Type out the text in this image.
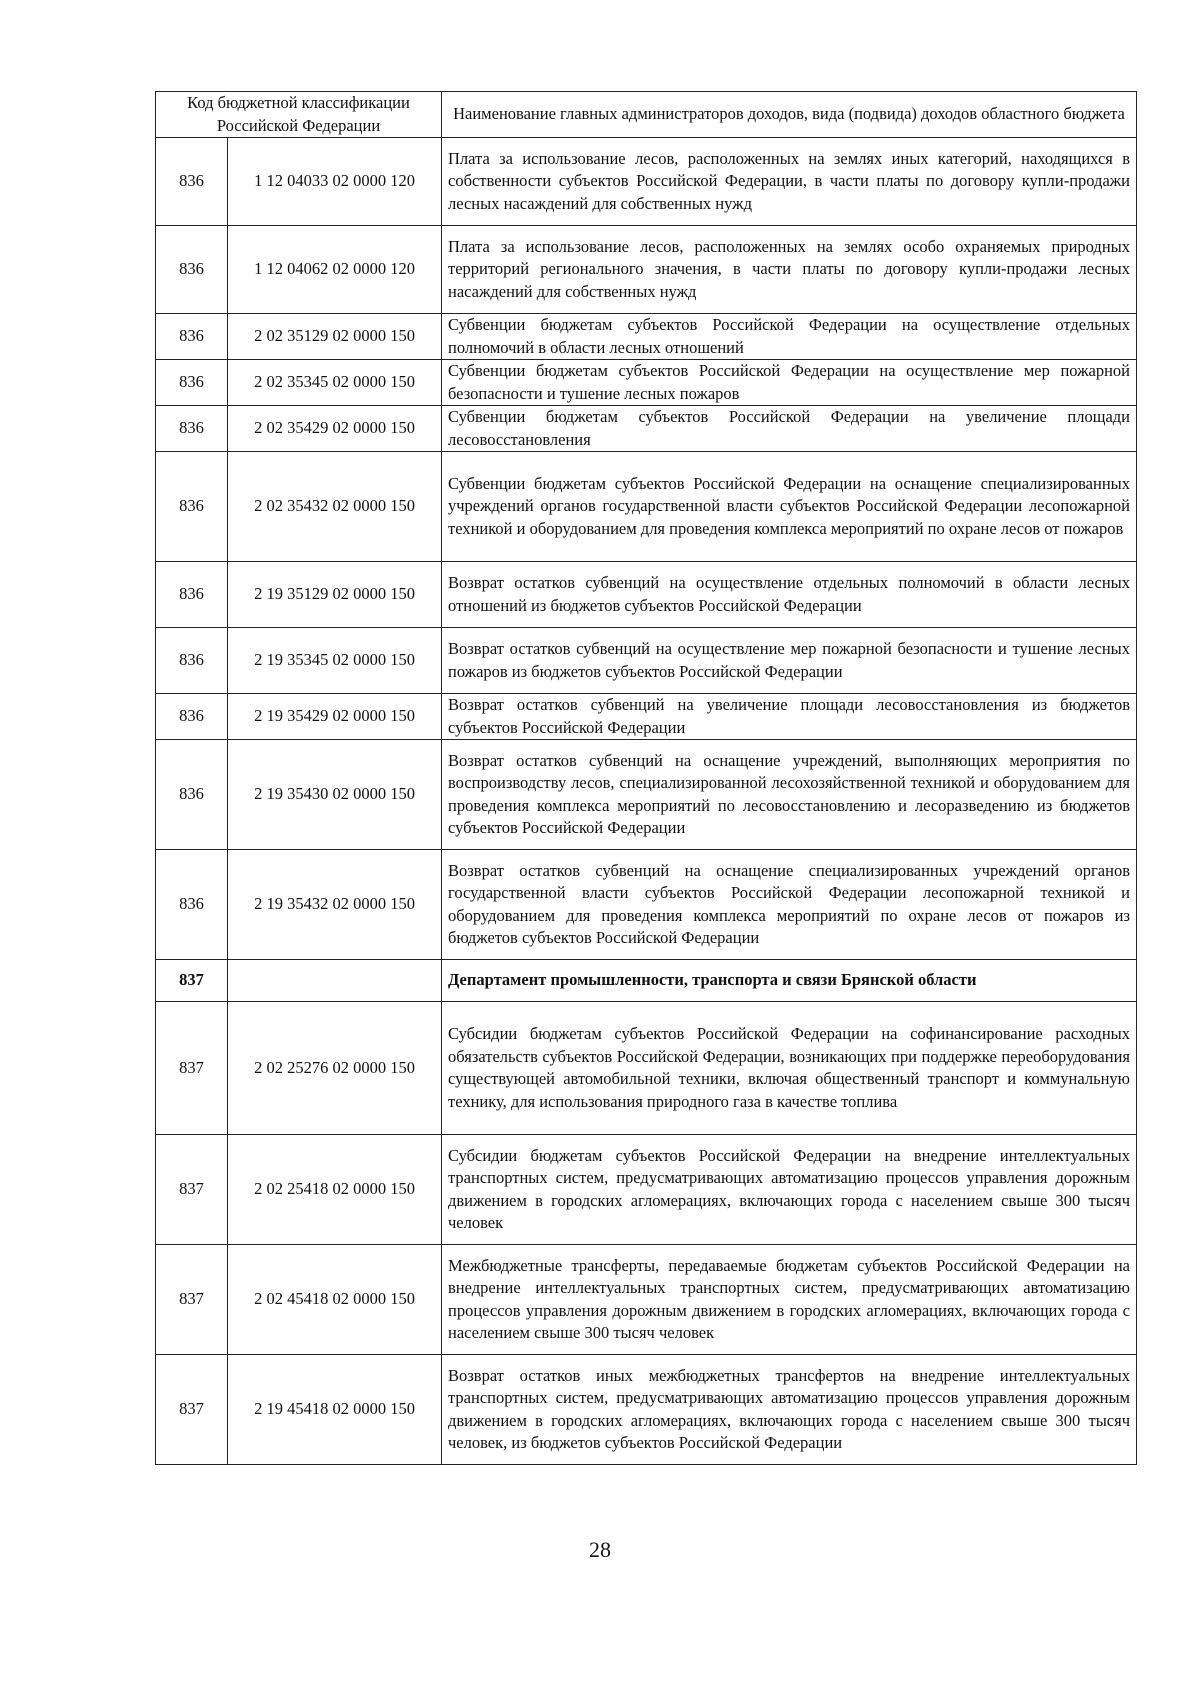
Код бюджетной классификации Российской Федерации		Наименование главных администраторов доходов, вида (подвида) доходов областного бюджета
836	1 12 04033 02 0000 120	Плата за использование лесов, расположенных на землях иных категорий, находящихся в собственности субъектов Российской Федерации, в части платы по договору купли-продажи лесных насаждений для собственных нужд
836	1 12 04062 02 0000 120	Плата за использование лесов, расположенных на землях особо охраняемых природных территорий регионального значения, в части платы по договору купли-продажи лесных насаждений для собственных нужд
836	2 02 35129 02 0000 150	Субвенции бюджетам субъектов Российской Федерации на осуществление отдельных полномочий в области лесных отношений
836	2 02 35345 02 0000 150	Субвенции бюджетам субъектов Российской Федерации на осуществление мер пожарной безопасности и тушение лесных пожаров
836	2 02 35429 02 0000 150	Субвенции бюджетам субъектов Российской Федерации на увеличение площади лесовосстановления
836	2 02 35432 02 0000 150	Субвенции бюджетам субъектов Российской Федерации на оснащение специализированных учреждений органов государственной власти субъектов Российской Федерации лесопожарной техникой и оборудованием для проведения комплекса мероприятий по охране лесов от пожаров
836	2 19 35129 02 0000 150	Возврат остатков субвенций на осуществление отдельных полномочий в области лесных отношений из бюджетов субъектов Российской Федерации
836	2 19 35345 02 0000 150	Возврат остатков субвенций на осуществление мер пожарной безопасности и тушение лесных пожаров из бюджетов субъектов Российской Федерации
836	2 19 35429 02 0000 150	Возврат остатков субвенций на увеличение площади лесовосстановления из бюджетов субъектов Российской Федерации
836	2 19 35430 02 0000 150	Возврат остатков субвенций на оснащение учреждений, выполняющих мероприятия по воспроизводству лесов, специализированной лесохозяйственной техникой и оборудованием для проведения комплекса мероприятий по лесовосстановлению и лесоразведению из бюджетов субъектов Российской Федерации
836	2 19 35432 02 0000 150	Возврат остатков субвенций на оснащение специализированных учреждений органов государственной власти субъектов Российской Федерации лесопожарной техникой и оборудованием для проведения комплекса мероприятий по охране лесов от пожаров из бюджетов субъектов Российской Федерации
837		Департамент промышленности, транспорта и связи Брянской области
837	2 02 25276 02 0000 150	Субсидии бюджетам субъектов Российской Федерации на софинансирование расходных обязательств субъектов Российской Федерации, возникающих при поддержке переоборудования существующей автомобильной техники, включая общественный транспорт и коммунальную технику, для использования природного газа в качестве топлива
837	2 02 25418 02 0000 150	Субсидии бюджетам субъектов Российской Федерации на внедрение интеллектуальных транспортных систем, предусматривающих автоматизацию процессов управления дорожным движением в городских агломерациях, включающих города с населением свыше 300 тысяч человек
837	2 02 45418 02 0000 150	Межбюджетные трансферты, передаваемые бюджетам субъектов Российской Федерации на внедрение интеллектуальных транспортных систем, предусматривающих автоматизацию процессов управления дорожным движением в городских агломерациях, включающих города с населением свыше 300 тысяч человек
837	2 19 45418 02 0000 150	Возврат остатков иных межбюджетных трансфертов на внедрение интеллектуальных транспортных систем, предусматривающих автоматизацию процессов управления дорожным движением в городских агломерациях, включающих города с населением свыше 300 тысяч человек, из бюджетов субъектов Российской Федерации
28
